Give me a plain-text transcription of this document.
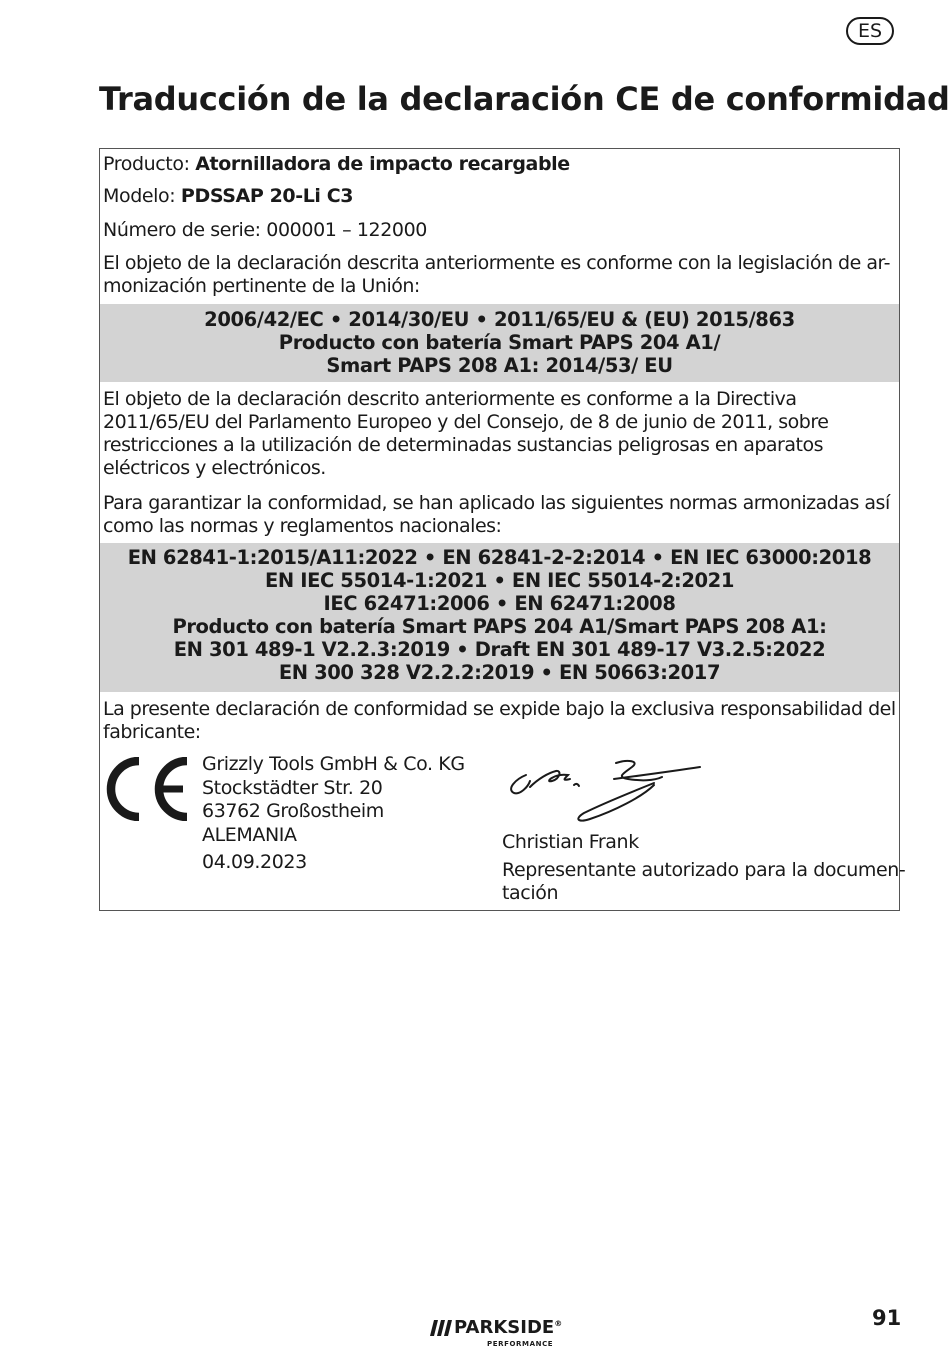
ES
Traducción de la declaración CE de conformidad
Producto: Atornilladora de impacto recargable
Modelo: PDSSAP 20-Li C3
Número de serie: 000001 – 122000
El objeto de la declaración descrita anteriormente es conforme con la legislación de ar-
monización pertinente de la Unión:
2006/42/EC • 2014/30/EU • 2011/65/EU & (EU) 2015/863
Producto con batería Smart PAPS 204 A1/
Smart PAPS 208 A1: 2014/53/ EU
El objeto de la declaración descrito anteriormente es conforme a la Directiva
2011/65/EU del Parlamento Europeo y del Consejo, de 8 de junio de 2011, sobre
restricciones a la utilización de determinadas sustancias peligrosas en aparatos
eléctricos y electrónicos.
Para garantizar la conformidad, se han aplicado las siguientes normas armonizadas así
como las normas y reglamentos nacionales:
EN 62841-1:2015/A11:2022 • EN 62841-2-2:2014 • EN IEC 63000:2018
EN IEC 55014-1:2021 • EN IEC 55014-2:2021
IEC 62471:2006 • EN 62471:2008
Producto con batería Smart PAPS 204 A1/Smart PAPS 208 A1:
EN 301 489-1 V2.2.3:2019 • Draft EN 301 489-17 V3.2.5:2022
EN 300 328 V2.2.2:2019 • EN 50663:2017
La presente declaración de conformidad se expide bajo la exclusiva responsabilidad del
fabricante:
Grizzly Tools GmbH & Co. KG
Stockstädter Str. 20
63762 Großostheim
ALEMANIA
04.09.2023
Christian Frank
Representante autorizado para la documen-
tación
PARKSIDE®
PERFORMANCE
91
